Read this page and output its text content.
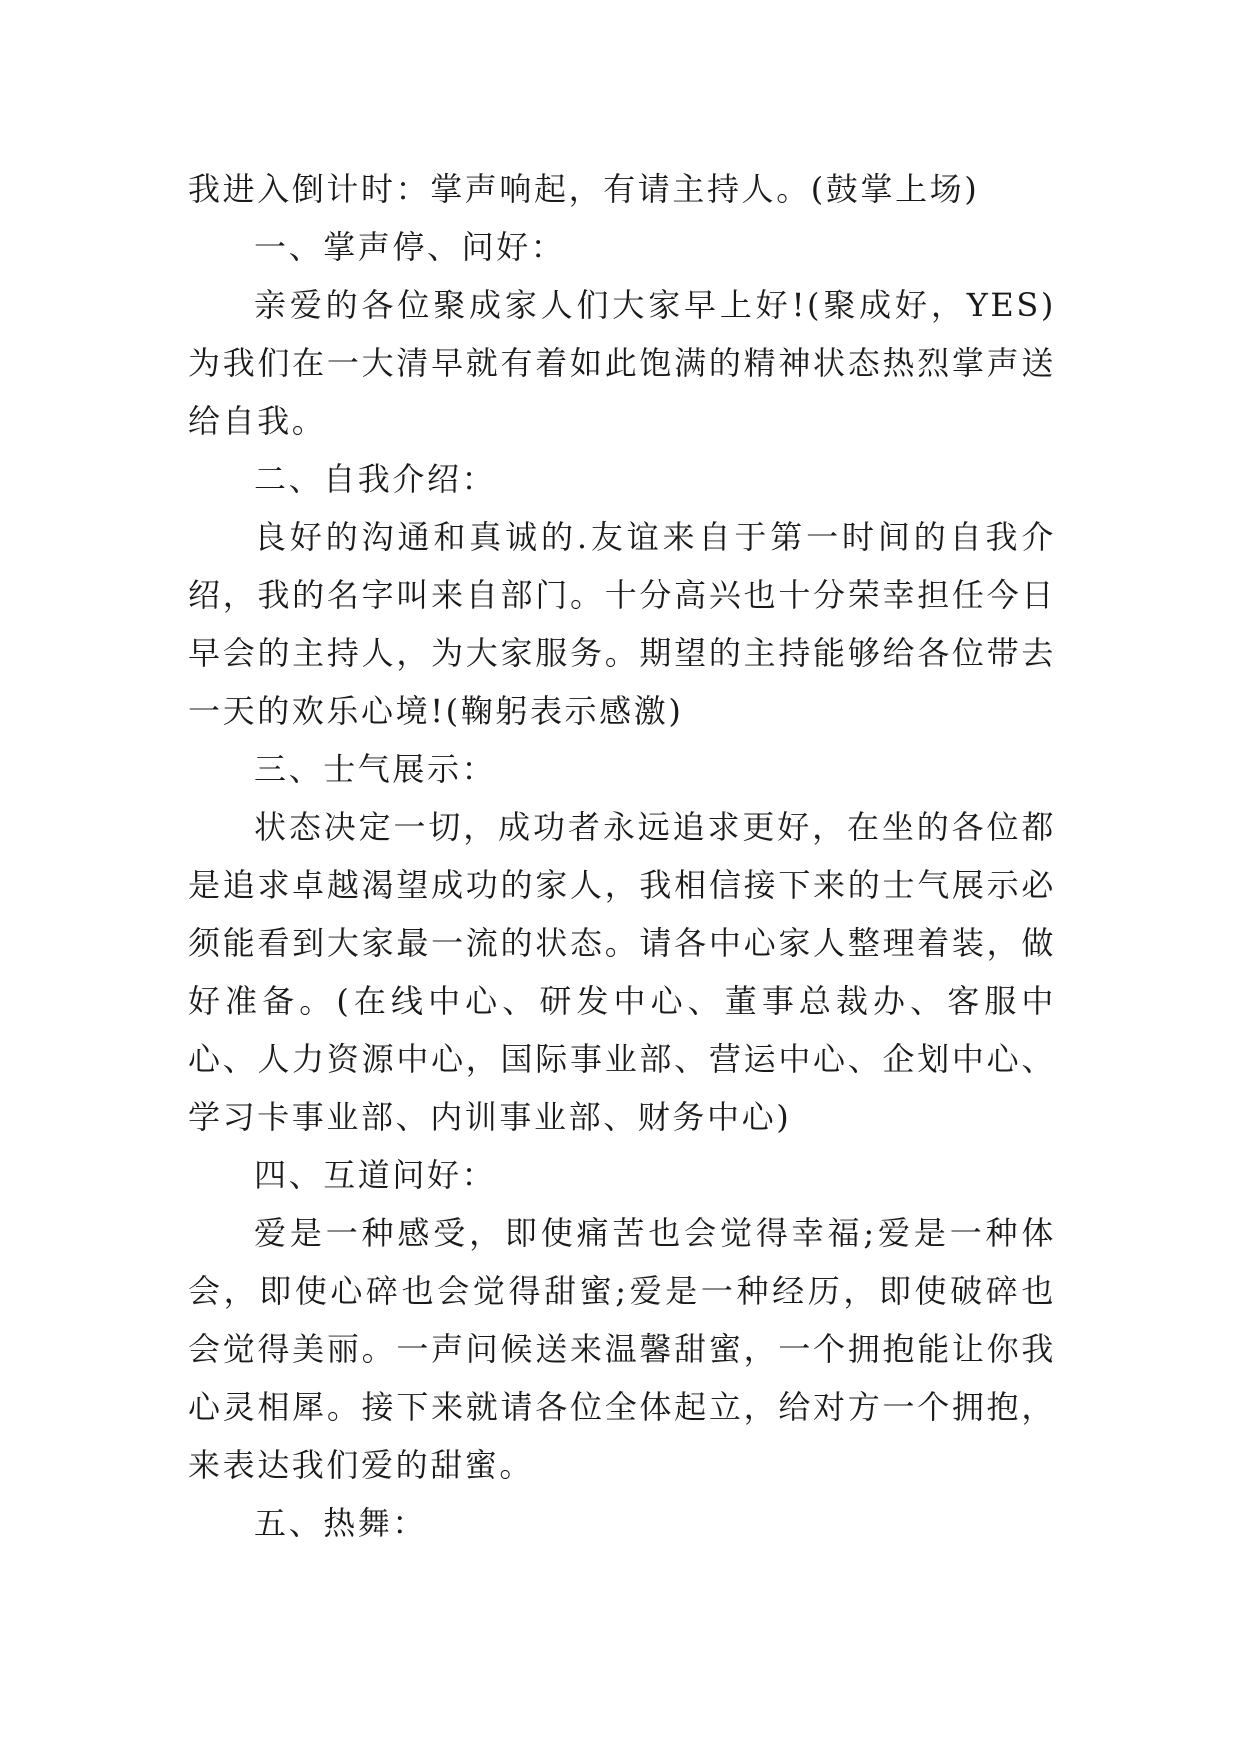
我进入倒计时：掌声响起，有请主持人。(鼓掌上场)

一、掌声停、问好：

亲爱的各位聚成家人们大家早上好!(聚成好，YES)为我们在一大清早就有着如此饱满的精神状态热烈掌声送给自我。

二、自我介绍：

良好的沟通和真诚的.友谊来自于第一时间的自我介绍，我的名字叫来自部门。十分高兴也十分荣幸担任今日早会的主持人，为大家服务。期望的主持能够给各位带去一天的欢乐心境!(鞠躬表示感激)

三、士气展示：

状态决定一切，成功者永远追求更好，在坐的各位都是追求卓越渴望成功的家人，我相信接下来的士气展示必须能看到大家最一流的状态。请各中心家人整理着装，做好准备。(在线中心、研发中心、董事总裁办、客服中心、人力资源中心，国际事业部、营运中心、企划中心、学习卡事业部、内训事业部、财务中心)

四、互道问好：

爱是一种感受，即使痛苦也会觉得幸福;爱是一种体会，即使心碎也会觉得甜蜜;爱是一种经历，即使破碎也会觉得美丽。一声问候送来温馨甜蜜，一个拥抱能让你我心灵相犀。接下来就请各位全体起立，给对方一个拥抱，来表达我们爱的甜蜜。

五、热舞：
